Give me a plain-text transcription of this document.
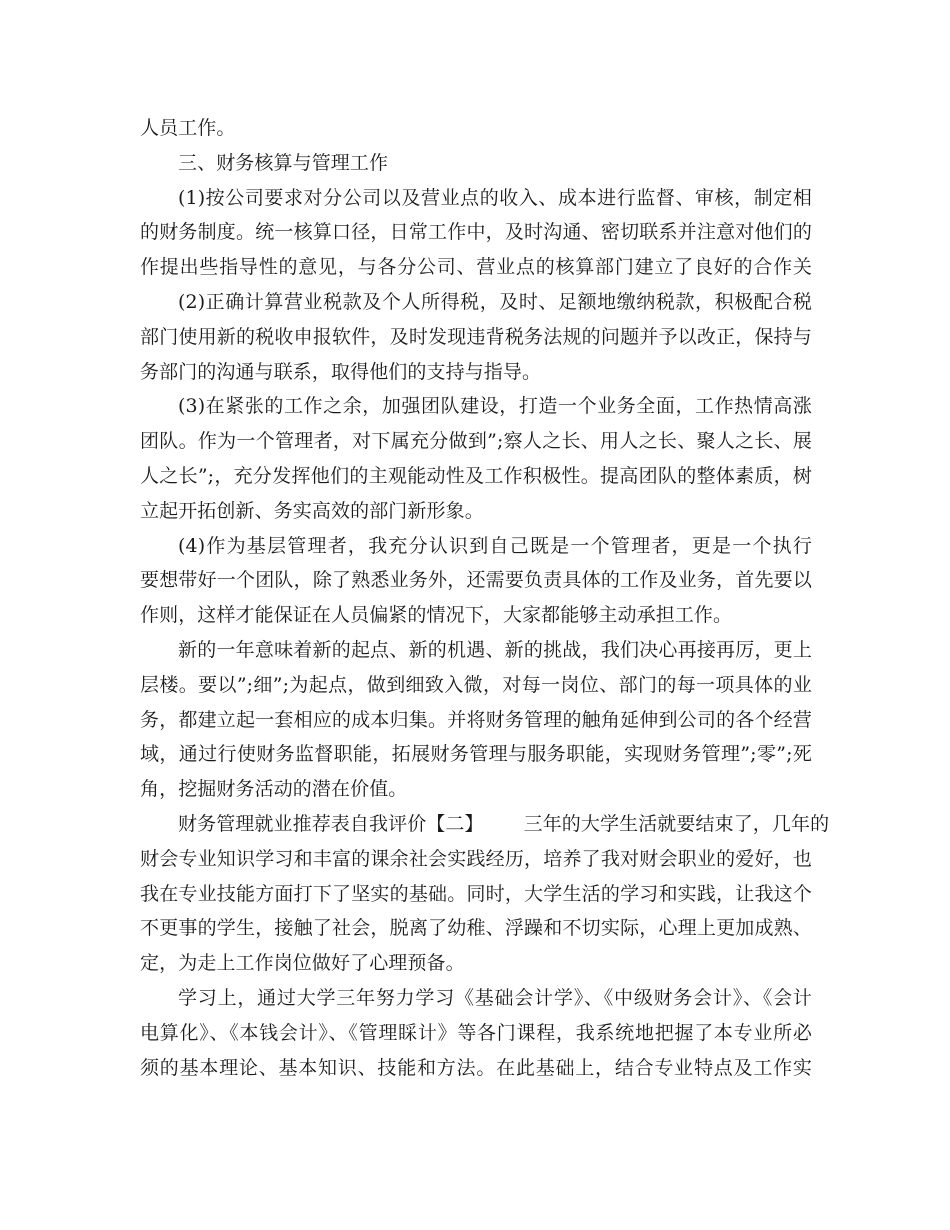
人员工作。
三、财务核算与管理工作
(1)按公司要求对分公司以及营业点的收入、成本进行监督、审核，制定相
的财务制度。统一核算口径，日常工作中，及时沟通、密切联系并注意对他们的
作提出些指导性的意见，与各分公司、营业点的核算部门建立了良好的合作关
(2)正确计算营业税款及个人所得税，及时、足额地缴纳税款，积极配合税
部门使用新的税收申报软件，及时发现违背税务法规的问题并予以改正，保持与
务部门的沟通与联系，取得他们的支持与指导。
(3)在紧张的工作之余，加强团队建设，打造一个业务全面，工作热情高涨
团队。作为一个管理者，对下属充分做到”;察人之长、用人之长、聚人之长、展
人之长”;，充分发挥他们的主观能动性及工作积极性。提高团队的整体素质，树
立起开拓创新、务实高效的部门新形象。
(4)作为基层管理者，我充分认识到自己既是一个管理者，更是一个执行
要想带好一个团队，除了熟悉业务外，还需要负责具体的工作及业务，首先要以
作则，这样才能保证在人员偏紧的情况下，大家都能够主动承担工作。
新的一年意味着新的起点、新的机遇、新的挑战，我们决心再接再厉，更上
层楼。要以”;细”;为起点，做到细致入微，对每一岗位、部门的每一项具体的业
务，都建立起一套相应的成本归集。并将财务管理的触角延伸到公司的各个经营
域，通过行使财务监督职能，拓展财务管理与服务职能，实现财务管理”;零”;死
角，挖掘财务活动的潜在价值。
财务管理就业推荐表自我评价【二】 三年的大学生活就要结束了，几年的
财会专业知识学习和丰富的课余社会实践经历，培养了我对财会职业的爱好，也
我在专业技能方面打下了坚实的基础。同时，大学生活的学习和实践，让我这个
不更事的学生，接触了社会，脱离了幼稚、浮躁和不切实际，心理上更加成熟、
定，为走上工作岗位做好了心理预备。
学习上，通过大学三年努力学习《基础会计学》、《中级财务会计》、《会计
电算化》、《本钱会计》、《管理睬计》等各门课程，我系统地把握了本专业所必
须的基本理论、基本知识、技能和方法。在此基础上，结合专业特点及工作实
